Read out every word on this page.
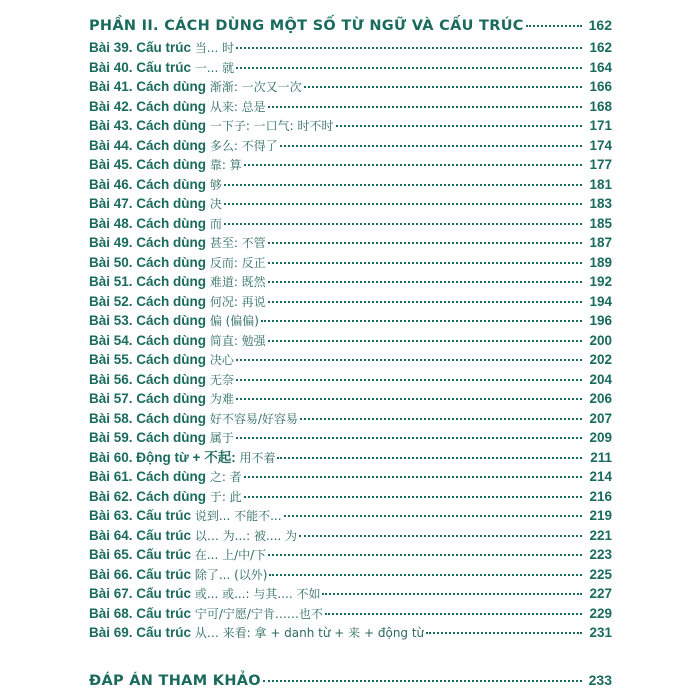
PHẦN II. CÁCH DÙNG MỘT SỐ TỪ NGỮ VÀ CẤU TRÚC	162
Bài 39. Cấu trúc 当... 时	162
Bài 40. Cấu trúc 一... 就	164
Bài 41. Cách dùng 渐渐: 一次又一次	166
Bài 42. Cách dùng 从来: 总是	168
Bài 43. Cách dùng 一下子: 一口气: 时不时	171
Bài 44. Cách dùng 多么: 不得了	174
Bài 45. Cách dùng 靠: 算	177
Bài 46. Cách dùng 够	181
Bài 47. Cách dùng 决	183
Bài 48. Cách dùng 而	185
Bài 49. Cách dùng 甚至: 不管	187
Bài 50. Cách dùng 反而: 反正	189
Bài 51. Cách dùng 难道: 既然	192
Bài 52. Cách dùng 何况: 再说	194
Bài 53. Cách dùng 偏 (偏偏)	196
Bài 54. Cách dùng 简直: 勉强	200
Bài 55. Cách dùng 决心	202
Bài 56. Cách dùng 无奈	204
Bài 57. Cách dùng 为难	206
Bài 58. Cách dùng 好不容易/好容易	207
Bài 59. Cách dùng 属于	209
Bài 60. Động từ + 不起: 用不着	211
Bài 61. Cách dùng 之: 者	214
Bài 62. Cách dùng 于: 此	216
Bài 63. Cấu trúc 说到... 不能不...	219
Bài 64. Cấu trúc 以… 为...: 被.... 为	221
Bài 65. Cấu trúc 在... 上/中/下	223
Bài 66. Cấu trúc 除了... (以外)	225
Bài 67. Cấu trúc 或... 或...: 与其.... 不如	227
Bài 68. Cấu trúc 宁可/宁愿/宁肯……也不	229
Bài 69. Cấu trúc 从… 来看: 拿 + danh từ + 来 + động từ	231
ĐÁP ÁN THAM KHẢO	233
